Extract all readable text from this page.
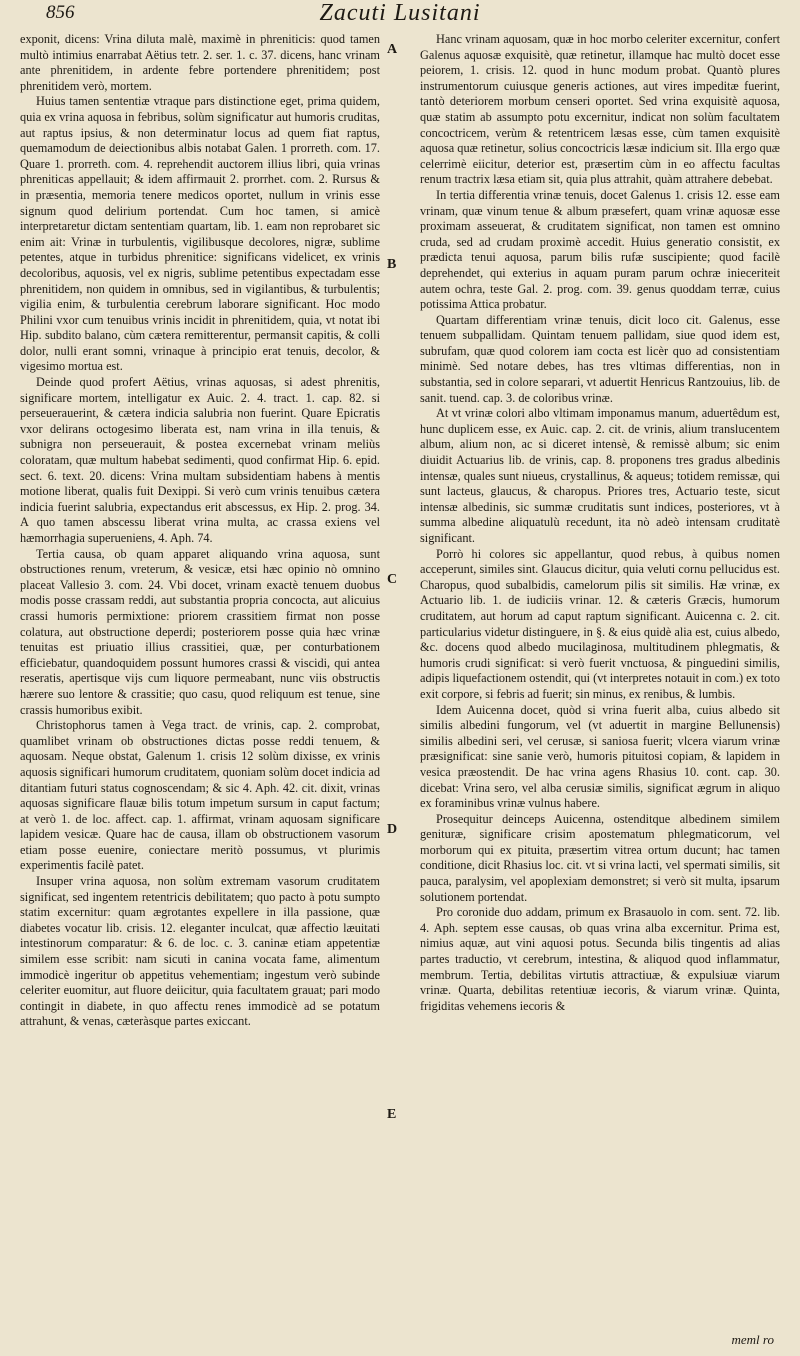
856	Zacuti Lusitani

exponit, dicens: Vrina diluta malè, maximè in phreniticis: quod tamen multò intimius enarrabat Aëtius tetr. 2. ser. 1. c. 37. dicens, hanc vrinam ante phrenitidem, in ardente febre portendere phrenitidem; post phrenitidem verò, mortem.

Huius tamen sententiæ vtraque pars distinctione eget, prima quidem, quia ex vrina aquosa in febribus, solùm significatur aut humoris cruditas, aut raptus ipsius, & non determinatur locus ad quem fiat raptus, quemamodum de deiectionibus albis notabat Galen. 1 prorreth. com. 17. Quare 1. prorreth. com. 4. reprehendit auctorem illius libri, quia vrinas phreniticas appellauit; & idem affirmauit 2. prorrhet. com. 2. Rursus & in præsentia, memoria tenere medicos oportet, nullum in vrinis esse signum quod delirium portendat. Cum hoc tamen, si amicè interpretaretur dictam sententiam quartam, lib. 1. eam non reprobaret sic enim ait: Vrinæ in turbulentis, vigilibusque decolores, nigræ, sublime petentes, atque in turbidus phrenitice: significans videlicet, ex vrinis decoloribus, aquosis, vel ex nigris, sublime petentibus expectadam esse phrenitidem, non quidem in omnibus, sed in vigilantibus, & turbulentis; vigilia enim, & turbulentia cerebrum laborare significant. Hoc modo Philini vxor cum tenuibus vrinis incidit in phrenitidem, quia, vt notat ibi Hip. subdito balano, cùm cætera remitterentur, permansit capitis, & colli dolor, nulli erant somni, vrinaque à principio erat tenuis, decolor, & vigesimo mortua est.

Deinde quod profert Aëtius, vrinas aquosas, si adest phrenitis, significare mortem, intelligatur ex Auic. 2. 4. tract. 1. cap. 82. si perseuerauerint, & cætera indicia salubria non fuerint. Quare Epicratis vxor delirans octogesimo liberata est, nam vrina in illa tenuis, & subnigra non perseuerauit, & postea excernebat vrinam meliùs coloratam, quæ multum habebat sedimenti, quod confirmat Hip. 6. epid. sect. 6. text. 20. dicens: Vrina multam subsidentiam habens à mentis motione liberat, qualis fuit Dexippi. Si verò cum vrinis tenuibus cætera indicia fuerint salubria, expectandus erit abscessus, ex Hip. 2. prog. 34. A quo tamen abscessu liberat vrina multa, ac crassa exiens vel hæmorrhagia superueniens, 4. Aph. 74.

Tertia causa, ob quam apparet aliquando vrina aquosa, sunt obstructiones renum, vreterum, & vesicæ, etsi hæc opinio nò omnino placeat Vallesio 3. com. 24. Vbi docet, vrinam exactè tenuem duobus modis posse crassam reddi, aut substantia propria concocta, aut alicuius crassi humoris permixtione: priorem crassitiem firmat non posse colatura, aut obstructione deperdi; posteriorem posse quia hæc vrinæ tenuitas est priuatio illius crassitiei, quæ, per conturbationem efficiebatur, quandoquidem possunt humores crassi & viscidi, qui antea reseratis, apertisque vijs cum liquore permeabant, nunc viis obstructis hærere suo lentore & crassitie; quo casu, quod reliquum est tenue, sine crassis humoribus exibit.

Christophorus tamen à Vega tract. de vrinis, cap. 2. comprobat, quamlibet vrinam ob obstructiones dictas posse reddi tenuem, & aquosam. Neque obstat, Galenum 1. crisis 12 solùm dixisse, ex vrinis aquosis significari humorum cruditatem, quoniam solùm docet indicia ad ditantiam futuri status cognoscendam; & sic 4. Aph. 42. cit. dixit, vrinas aquosas significare flauæ bilis totum impetum sursum in caput factum; at verò 1. de loc. affect. cap. 1. affirmat, vrinam aquosam significare lapidem vesicæ. Quare hac de causa, illam ob obstructionem vasorum etiam posse euenire, coniectare meritò possumus, vt plurimis experimentis facilè patet.

Insuper vrina aquosa, non solùm extremam vasorum cruditatem significat, sed ingentem retentricis debilitatem; quo pacto à potu sumpto statim excernitur: quam ægrotantes expellere in illa passione, quæ diabetes vocatur lib. crisis. 12. eleganter inculcat, quæ affectio læuitati intestinorum comparatur: & 6. de loc. c. 3. caninæ etiam appetentiæ similem esse scribit: nam sicuti in canina vocata fame, alimentum immodicè ingeritur ob appetitus vehementiam; ingestum verò subinde celeriter euomitur, aut fluore deiicitur, quia facultatem grauat; pari modo contingit in diabete, in quo affectu renes immodicè ad se potatum attrahunt, & venas, cæteràsque partes exiccant.

A
B
C
D
E

Hanc vrinam aquosam, quæ in hoc morbo celeriter excernitur, confert Galenus aquosæ exquisitè, quæ retinetur, illamque hac multò docet esse peiorem, 1. crisis. 12. quod in hunc modum probat. Quantò plures instrumentorum cuiusque generis actiones, aut vires impeditæ fuerint, tantò deteriorem morbum censeri oportet. Sed vrina exquisitè aquosa, quæ statim ab assumpto potu excernitur, indicat non solùm facultatem concoctricem, verùm & retentricem læsas esse, cùm tamen exquisitè aquosa quæ retinetur, solius concoctricis læsæ indicium sit. Illa ergo quæ celerrimè eiicitur, deterior est, præsertim cùm in eo affectu facultas renum tractrix læsa etiam sit, quia plus attrahit, quàm attrahere debebat.

In tertia differentia vrinæ tenuis, docet Galenus 1. crisis 12. esse eam vrinam, quæ vinum tenue & album præsefert, quam vrinæ aquosæ esse proximam asseuerat, & cruditatem significat, non tamen est omnino cruda, sed ad crudam proximè accedit. Huius generatio consistit, ex prædicta tenui aquosa, parum bilis rufæ suscipiente; quod facilè deprehendet, qui exterius in aquam puram parum ochræ inieceriteit autem ochra, teste Gal. 2. prog. com. 39. genus quoddam terræ, cuius potissima Attica probatur.

Quartam differentiam vrinæ tenuis, dicit loco cit. Galenus, esse tenuem subpallidam. Quintam tenuem pallidam, siue quod idem est, subrufam, quæ quod colorem iam cocta est licèr quo ad consistentiam minimè. Sed notare debes, has tres vltimas differentias, non in substantia, sed in colore separari, vt aduertit Henricus Rantzouius, lib. de sanit. tuend. cap. 3. de coloribus vrinæ.

At vt vrinæ colori albo vltimam imponamus manum, aduertêdum est, hunc duplicem esse, ex Auic. cap. 2. cit. de vrinis, alium translucentem album, alium non, ac si diceret intensè, & remissè album; sic enim diuidit Actuarius lib. de vrinis, cap. 8. proponens tres gradus albedinis intensæ, quales sunt niueus, crystallinus, & aqueus; totidem remissæ, qui sunt lacteus, glaucus, & charopus. Priores tres, Actuario teste, sicut intensæ albedinis, sic summæ cruditatis sunt indices, posteriores, vt à summa albedine aliquatulù recedunt, ita nò adeò intensam cruditatè significant.

Porrò hi colores sic appellantur, quod rebus, à quibus nomen acceperunt, similes sint. Glaucus dicitur, quia veluti cornu pellucidus est. Charopus, quod subalbidis, camelorum pilis sit similis. Hæ vrinæ, ex Actuario lib. 1. de iudiciis vrinar. 12. & cæteris Græcis, humorum cruditatem, aut horum ad caput raptum significant. Auicenna c. 2. cit. particularius videtur distinguere, in §. & eius quidè alia est, cuius albedo, &c. docens quod albedo mucilaginosa, multitudinem phlegmatis, & humoris crudi significat: si verò fuerit vnctuosa, & pinguedini similis, adipis liquefactionem ostendit, qui (vt interpretes notauit in com.) ex toto exit corpore, si febris ad fuerit; sin minus, ex renibus, & lumbis.

Idem Auicenna docet, quòd si vrina fuerit alba, cuius albedo sit similis albedini fungorum, vel (vt aduertit in margine Bellunensis) similis albedini seri, vel cerusæ, si saniosa fuerit; vlcera viarum vrinæ præsignificat: sine sanie verò, humoris pituitosi copiam, & lapidem in vesica præostendit. De hac vrina agens Rhasius 10. cont. cap. 30. dicebat: Vrina sero, vel alba cerusiæ similis, significat ægrum in aliquo ex foraminibus vrinæ vulnus habere.

Prosequitur deinceps Auicenna, ostenditque albedinem similem genituræ, significare crisim apostematum phlegmaticorum, vel morborum qui ex pituita, præsertim vitrea ortum ducunt; hac tamen conditione, dicit Rhasius loc. cit. vt si vrina lacti, vel spermati similis, sit pauca, paralysim, vel apoplexiam demonstret; si verò sit multa, ipsarum solutionem portendat.

Pro coronide duo addam, primum ex Brasauolo in com. sent. 72. lib. 4. Aph. septem esse causas, ob quas vrina alba excernitur. Prima est, nimius aquæ, aut vini aquosi potus. Secunda bilis tingentis ad alias partes traductio, vt cerebrum, intestina, & aliquod quod inflammatur, membrum. Tertia, debilitas virtutis attractiuæ, & expulsiuæ viarum vrinæ. Quarta, debilitas retentiuæ iecoris, & viarum vrinæ. Quinta, frigiditas vehemens iecoris &

meml ro
